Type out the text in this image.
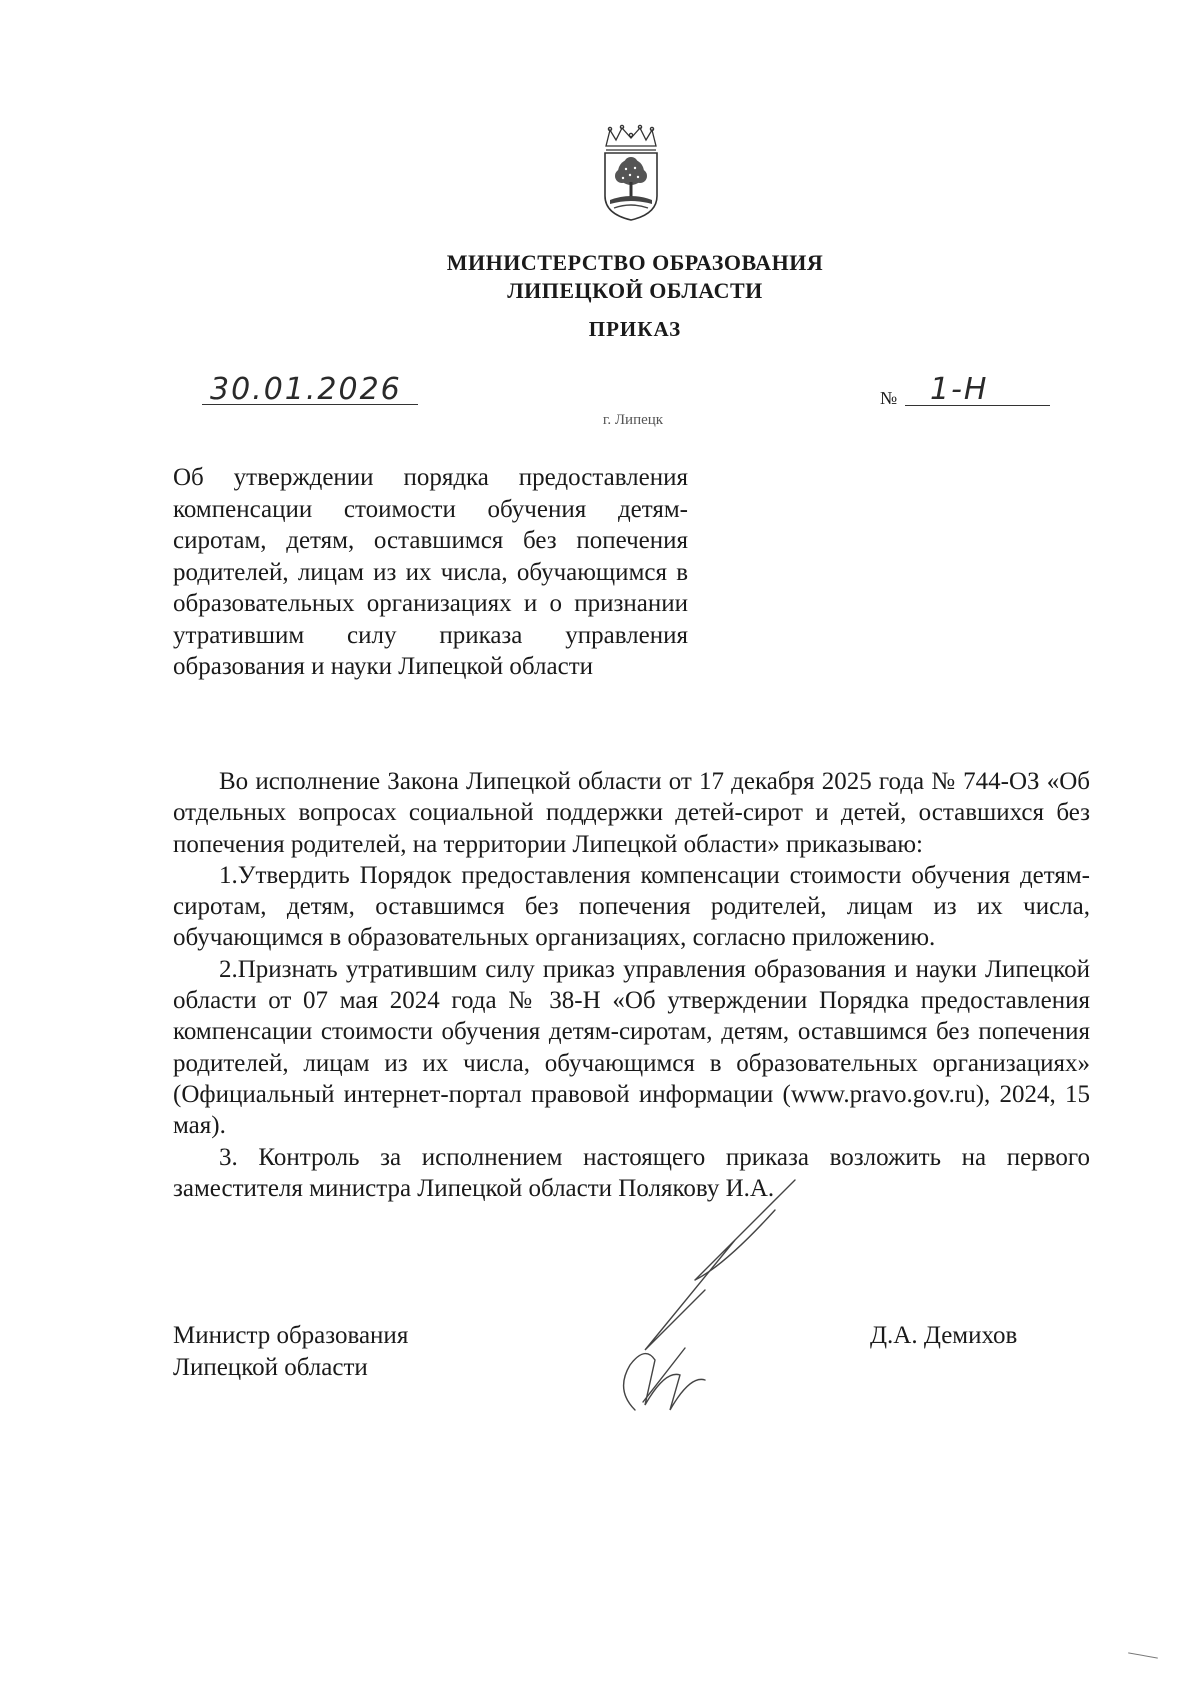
МИНИСТЕРСТВО ОБРАЗОВАНИЯ
ЛИПЕЦКОЙ ОБЛАСТИ
ПРИКАЗ
30.01.2026	№ 1-Н
г. Липецк
Об утверждении порядка предоставления компенсации стоимости обучения детям-сиротам, детям, оставшимся без попечения родителей, лицам из их числа, обучающимся в образовательных организациях и о признании утратившим силу приказа управления образования и науки Липецкой области

Во исполнение Закона Липецкой области от 17 декабря 2025 года № 744-ОЗ «Об отдельных вопросах социальной поддержки детей-сирот и детей, оставшихся без попечения родителей, на территории Липецкой области» приказываю:

1.Утвердить Порядок предоставления компенсации стоимости обучения детям-сиротам, детям, оставшимся без попечения родителей, лицам из их числа, обучающимся в образовательных организациях, согласно приложению.

2.Признать утратившим силу приказ управления образования и науки Липецкой области от 07 мая 2024 года № 38-Н «Об утверждении Порядка предоставления компенсации стоимости обучения детям-сиротам, детям, оставшимся без попечения родителей, лицам из их числа, обучающимся в образовательных организациях» (Официальный интернет-портал правовой информации (www.pravo.gov.ru), 2024, 15 мая).

3. Контроль за исполнением настоящего приказа возложить на первого заместителя министра Липецкой области Полякову И.А.

Министр образования
Липецкой области
Д.А. Демихов
